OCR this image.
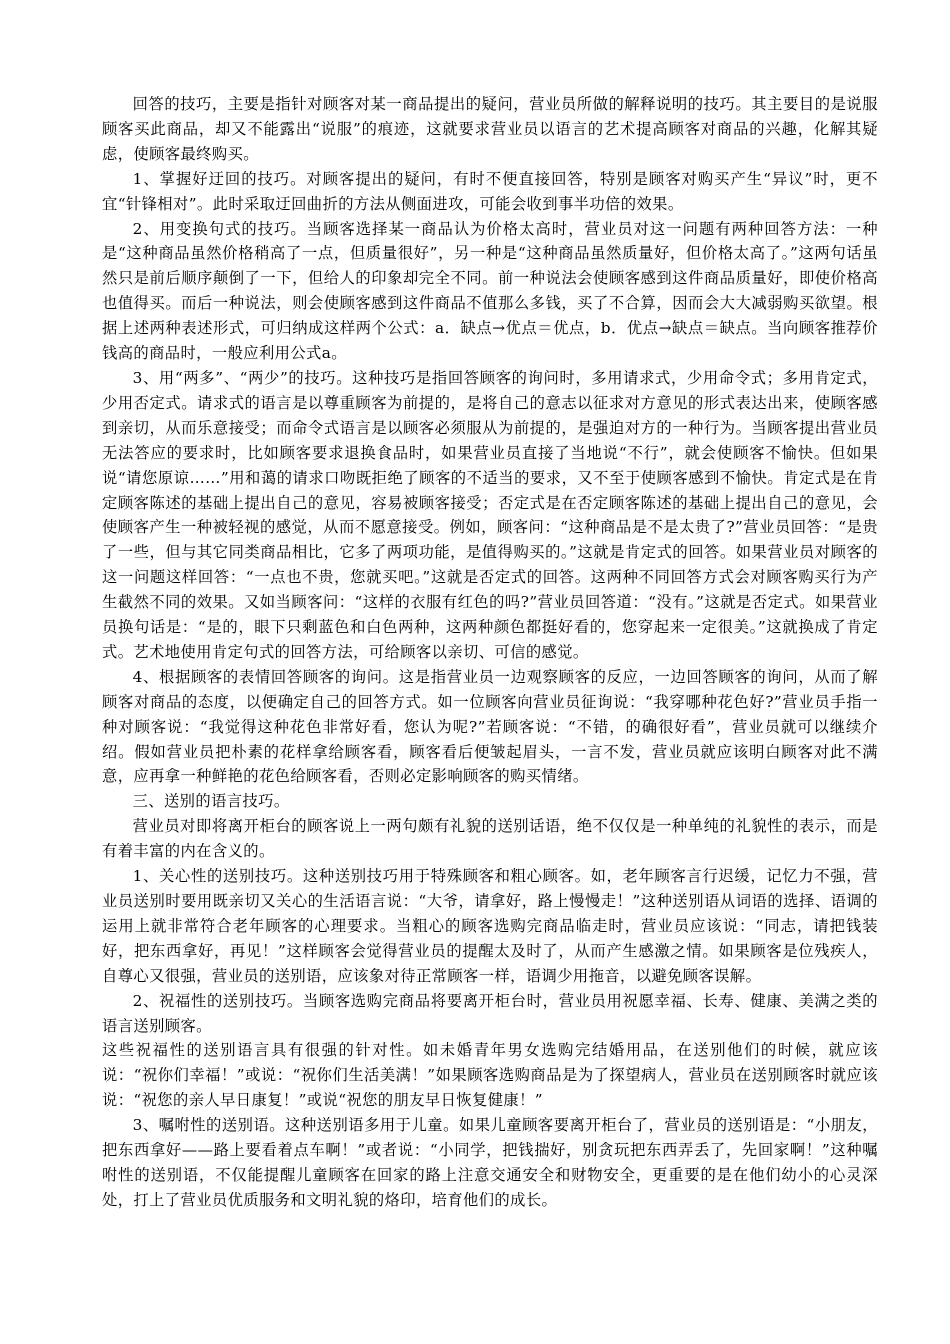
回答的技巧，主要是指针对顾客对某一商品提出的疑问，营业员所做的解释说明的技巧。其主要目的是说服顾客买此商品，却又不能露出“说服”的痕迹，这就要求营业员以语言的艺术提高顾客对商品的兴趣，化解其疑虑，使顾客最终购买。

1、掌握好迂回的技巧。对顾客提出的疑问，有时不便直接回答，特别是顾客对购买产生“异议”时，更不宜“针锋相对”。此时采取迂回曲折的方法从侧面进攻，可能会收到事半功倍的效果。

2、用变换句式的技巧。当顾客选择某一商品认为价格太高时，营业员对这一问题有两种回答方法：一种是“这种商品虽然价格稍高了一点，但质量很好”，另一种是“这种商品虽然质量好，但价格太高了。”这两句话虽然只是前后顺序颠倒了一下，但给人的印象却完全不同。前一种说法会使顾客感到这件商品质量好，即使价格高也值得买。而后一种说法，则会使顾客感到这件商品不值那么多钱，买了不合算，因而会大大减弱购买欲望。根据上述两种表述形式，可归纳成这样两个公式：a．缺点→优点＝优点，b．优点→缺点＝缺点。当向顾客推荐价钱高的商品时，一般应利用公式a。

3、用“两多”、“两少”的技巧。这种技巧是指回答顾客的询问时，多用请求式，少用命令式；多用肯定式，少用否定式。请求式的语言是以尊重顾客为前提的，是将自己的意志以征求对方意见的形式表达出来，使顾客感到亲切，从而乐意接受；而命令式语言是以顾客必须服从为前提的，是强迫对方的一种行为。当顾客提出营业员无法答应的要求时，比如顾客要求退换食品时，如果营业员直接了当地说“不行”，就会使顾客不愉快。但如果说“请您原谅……”用和蔼的请求口吻既拒绝了顾客的不适当的要求，又不至于使顾客感到不愉快。肯定式是在肯定顾客陈述的基础上提出自己的意见，容易被顾客接受；否定式是在否定顾客陈述的基础上提出自己的意见，会使顾客产生一种被轻视的感觉，从而不愿意接受。例如，顾客问：“这种商品是不是太贵了?”营业员回答：“是贵了一些，但与其它同类商品相比，它多了两项功能，是值得购买的。”这就是肯定式的回答。如果营业员对顾客的这一问题这样回答：“一点也不贵，您就买吧。”这就是否定式的回答。这两种不同回答方式会对顾客购买行为产生截然不同的效果。又如当顾客问：“这样的衣服有红色的吗?”营业员回答道：“没有。”这就是否定式。如果营业员换句话是：“是的，眼下只剩蓝色和白色两种，这两种颜色都挺好看的，您穿起来一定很美。”这就换成了肯定式。艺术地使用肯定句式的回答方法，可给顾客以亲切、可信的感觉。

4、根据顾客的表情回答顾客的询问。这是指营业员一边观察顾客的反应，一边回答顾客的询问，从而了解顾客对商品的态度，以便确定自己的回答方式。如一位顾客向营业员征询说：“我穿哪种花色好?”营业员手指一种对顾客说：“我觉得这种花色非常好看，您认为呢?”若顾客说：“不错，的确很好看”，营业员就可以继续介绍。假如营业员把朴素的花样拿给顾客看，顾客看后便皱起眉头，一言不发，营业员就应该明白顾客对此不满意，应再拿一种鲜艳的花色给顾客看，否则必定影响顾客的购买情绪。

三、送别的语言技巧。

营业员对即将离开柜台的顾客说上一两句颇有礼貌的送别话语，绝不仅仅是一种单纯的礼貌性的表示，而是有着丰富的内在含义的。

1、关心性的送别技巧。这种送别技巧用于特殊顾客和粗心顾客。如，老年顾客言行迟缓，记忆力不强，营业员送别时要用既亲切又关心的生活语言说：“大爷，请拿好，路上慢慢走！”这种送别语从词语的选择、语调的运用上就非常符合老年顾客的心理要求。当粗心的顾客选购完商品临走时，营业员应该说：“同志，请把钱装好，把东西拿好，再见！”这样顾客会觉得营业员的提醒太及时了，从而产生感激之情。如果顾客是位残疾人，自尊心又很强，营业员的送别语，应该象对待正常顾客一样，语调少用拖音，以避免顾客误解。

2、祝福性的送别技巧。当顾客选购完商品将要离开柜台时，营业员用祝愿幸福、长寿、健康、美满之类的语言送别顾客。

这些祝福性的送别语言具有很强的针对性。如未婚青年男女选购完结婚用品，在送别他们的时候，就应该说：“祝你们幸福！”或说：“祝你们生活美满！”如果顾客选购商品是为了探望病人，营业员在送别顾客时就应该说：“祝您的亲人早日康复！”或说“祝您的朋友早日恢复健康！”

3、嘱咐性的送别语。这种送别语多用于儿童。如果儿童顾客要离开柜台了，营业员的送别语是：“小朋友，把东西拿好——路上要看着点车啊！”或者说：“小同学，把钱揣好，别贪玩把东西弄丢了，先回家啊！”这种嘱咐性的送别语，不仅能提醒儿童顾客在回家的路上注意交通安全和财物安全，更重要的是在他们幼小的心灵深处，打上了营业员优质服务和文明礼貌的烙印，培育他们的成长。
